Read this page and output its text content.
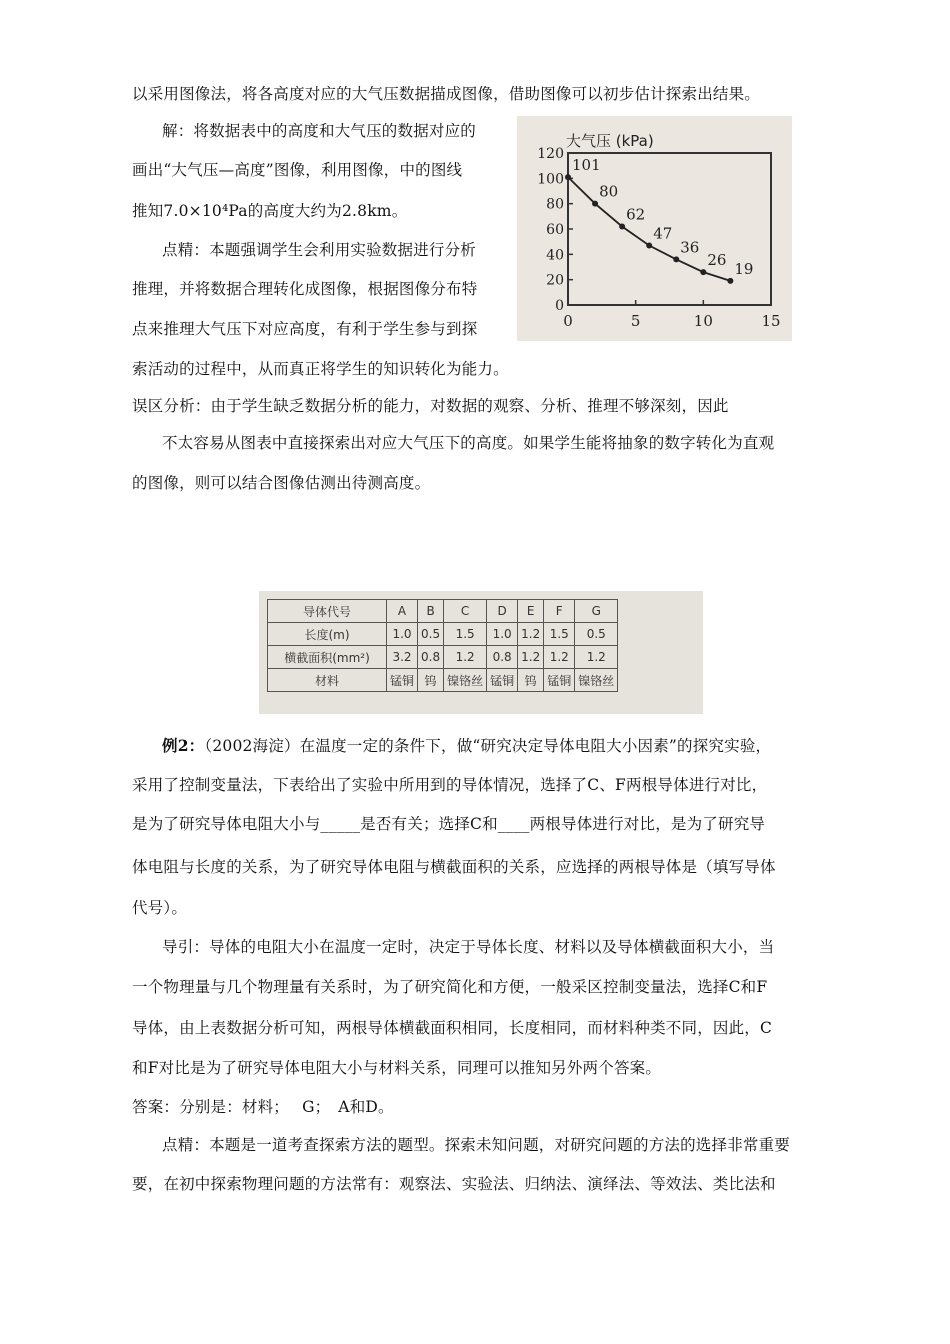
以采用图像法，将各高度对应的大气压数据描成图像，借助图像可以初步估计探索出结果。
解：将数据表中的高度和大气压的数据对应的
画出“大气压—高度”图像，利用图像，中的图线
推知7.0×10⁴Pa的高度大约为2.8km。
点精：本题强调学生会利用实验数据进行分析
推理，并将数据合理转化成图像，根据图像分布特
点来推理大气压下对应高度，有利于学生参与到探
索活动的过程中，从而真正将学生的知识转化为能力。
误区分析：由于学生缺乏数据分析的能力，对数据的观察、分析、推理不够深刻，因此
不太容易从图表中直接探索出对应大气压下的高度。如果学生能将抽象的数字转化为直观
的图像，则可以结合图像估测出待测高度。
大气压 (kPa)
0
20
40
60
80
100
120
0	5	10	15
101
80
62
47
36
26 19
导体代号	A	B	C	D	E	F	G
长度(m)	1.0	0.5	1.5	1.0	1.2	1.5	0.5
横截面积(mm²)	3.2	0.8	1.2	0.8	1.2	1.2	1.2
材料	锰铜	钨	镍铬丝	锰铜	钨	锰铜	镍铬丝
例2：（2002海淀）在温度一定的条件下，做“研究决定导体电阻大小因素”的探究实验，
采用了控制变量法，下表给出了实验中所用到的导体情况，选择了C、F两根导体进行对比，
是为了研究导体电阻大小与_____是否有关；选择C和____两根导体进行对比，是为了研究导
体电阻与长度的关系，为了研究导体电阻与横截面积的关系，应选择的两根导体是（填写导体
代号）。
导引：导体的电阻大小在温度一定时，决定于导体长度、材料以及导体横截面积大小，当
一个物理量与几个物理量有关系时，为了研究简化和方便，一般采区控制变量法，选择C和F
导体，由上表数据分析可知，两根导体横截面积相同，长度相同，而材料种类不同，因此，C
和F对比是为了研究导体电阻大小与材料关系，同理可以推知另外两个答案。
答案：分别是：材料；　 G；　A和D。
点精：本题是一道考查探索方法的题型。探索未知问题，对研究问题的方法的选择非常重要
要，在初中探索物理问题的方法常有：观察法、实验法、归纳法、演绎法、等效法、类比法和
